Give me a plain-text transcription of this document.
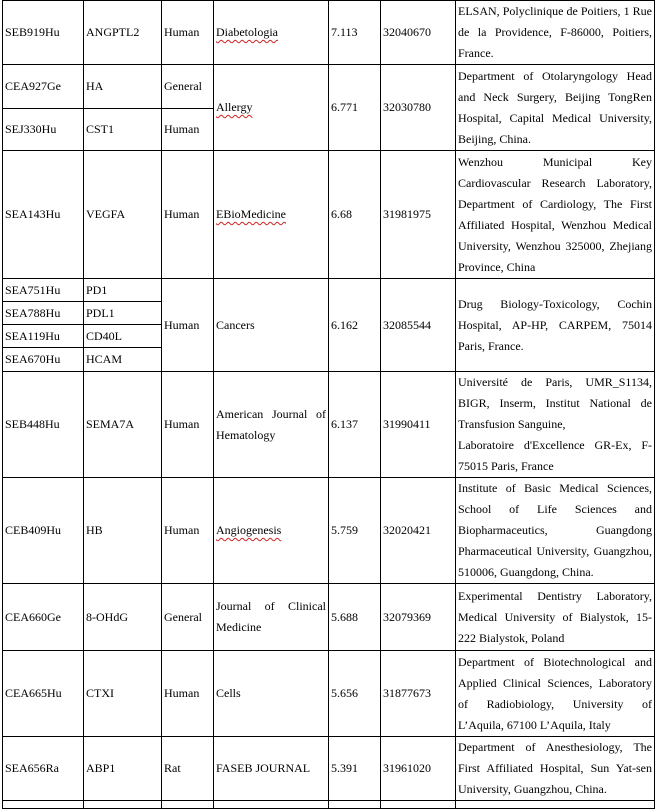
SEB919Hu	ANGPTL2	Human	Diabetologia	7.113	32040670	ELSAN, Polyclinique de Poitiers, 1 Rue de la Providence, F-86000, Poitiers, France.
CEA927Ge	HA	General	Allergy	6.771	32030780	Department of Otolaryngology Head and Neck Surgery, Beijing TongRen Hospital, Capital Medical University, Beijing, China.
SEJ330Hu	CST1	Human				
SEA143Hu	VEGFA	Human	EBioMedicine	6.68	31981975	Wenzhou Municipal Key Cardiovascular Research Laboratory, Department of Cardiology, The First Affiliated Hospital, Wenzhou Medical University, Wenzhou 325000, Zhejiang Province, China
SEA751Hu	PD1	Human	Cancers	6.162	32085544	Drug Biology-Toxicology, Cochin Hospital, AP-HP, CARPEM, 75014 Paris, France.
SEA788Hu	PDL1					
SEA119Hu	CD40L					
SEA670Hu	HCAM					
SEB448Hu	SEMA7A	Human	American Journal of Hematology	6.137	31990411	Université de Paris, UMR_S1134, BIGR, Inserm, Institut National de Transfusion Sanguine,
Laboratoire d'Excellence GR-Ex, F-75015 Paris, France

CEB409Hu	HB	Human	Angiogenesis	5.759	32020421	Institute of Basic Medical Sciences, School of Life Sciences and Biopharmaceutics, Guangdong Pharmaceutical University, Guangzhou, 510006, Guangdong, China.
CEA660Ge	8-OHdG	General	Journal of Clinical Medicine	5.688	32079369	Experimental Dentistry Laboratory, Medical University of Bialystok, 15-222 Bialystok, Poland
CEA665Hu	CTXI	Human	Cells	5.656	31877673	Department of Biotechnological and Applied Clinical Sciences, Laboratory of Radiobiology, University of L’Aquila, 67100 L’Aquila, Italy
SEA656Ra	ABP1	Rat	FASEB JOURNAL	5.391	31961020	Department of Anesthesiology, The First Affiliated Hospital, Sun Yat-sen University, Guangzhou, China.
